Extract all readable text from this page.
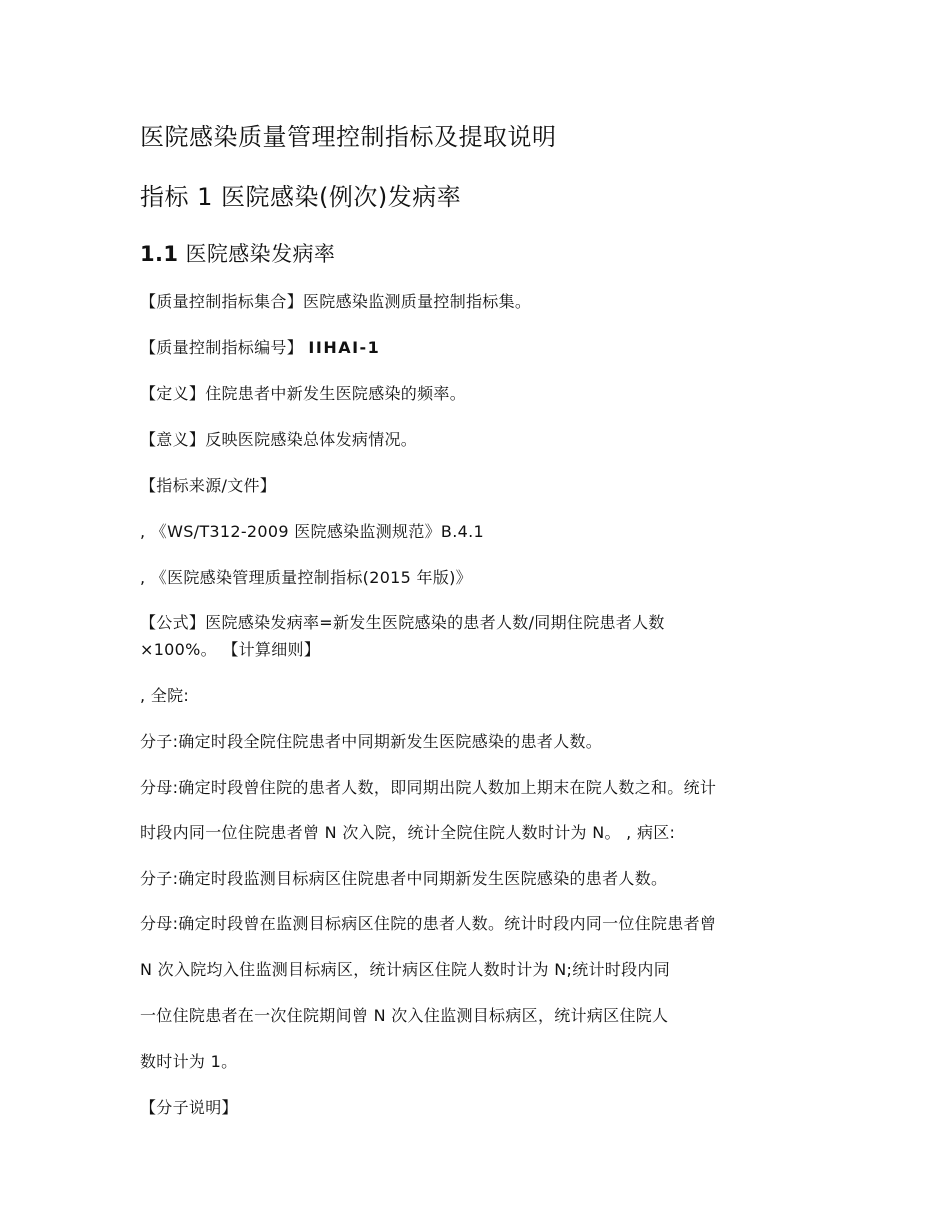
医院感染质量管理控制指标及提取说明
指标 1 医院感染(例次)发病率
1.1 医院感染发病率
【质量控制指标集合】医院感染监测质量控制指标集。
【质量控制指标编号】 IIHAI-1
【定义】住院患者中新发生医院感染的频率。
【意义】反映医院感染总体发病情况。
【指标来源/文件】
, 《WS/T312-2009 医院感染监测规范》B.4.1
, 《医院感染管理质量控制指标(2015 年版)》
【公式】医院感染发病率=新发生医院感染的患者人数/同期住院患者人数
×100%。 【计算细则】
, 全院:
分子:确定时段全院住院患者中同期新发生医院感染的患者人数。
分母:确定时段曾住院的患者人数，即同期出院人数加上期末在院人数之和。统计
时段内同一位住院患者曾 N 次入院，统计全院住院人数时计为 N。 , 病区:
分子:确定时段监测目标病区住院患者中同期新发生医院感染的患者人数。
分母:确定时段曾在监测目标病区住院的患者人数。统计时段内同一位住院患者曾
N 次入院均入住监测目标病区，统计病区住院人数时计为 N;统计时段内同
一位住院患者在一次住院期间曾 N 次入住监测目标病区，统计病区住院人
数时计为 1。
【分子说明】
